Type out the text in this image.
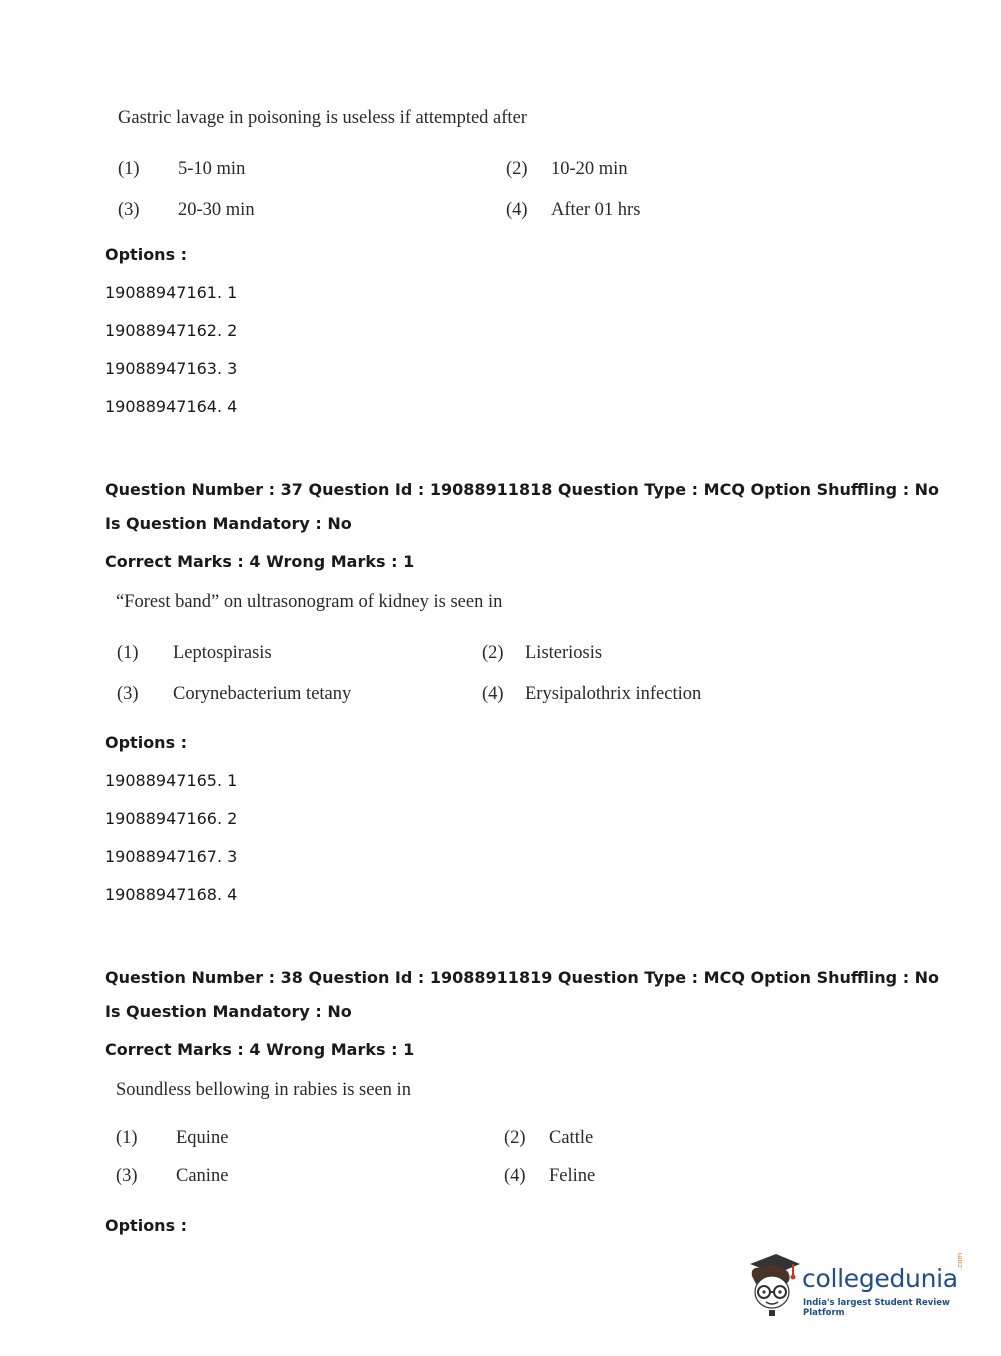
Gastric lavage in poisoning is useless if attempted after
(1) 5-10 min	(2) 10-20 min
(3) 20-30 min	(4) After 01 hrs
Options :
19088947161. 1
19088947162. 2
19088947163. 3
19088947164. 4
Question Number : 37 Question Id : 19088911818 Question Type : MCQ Option Shuffling : No
Is Question Mandatory : No
Correct Marks : 4 Wrong Marks : 1
“Forest band” on ultrasonogram of kidney is seen in
(1) Leptospirasis	(2) Listeriosis
(3) Corynebacterium tetany	(4) Erysipalothrix infection
Options :
19088947165. 1
19088947166. 2
19088947167. 3
19088947168. 4
Question Number : 38 Question Id : 19088911819 Question Type : MCQ Option Shuffling : No
Is Question Mandatory : No
Correct Marks : 4 Wrong Marks : 1
Soundless bellowing in rabies is seen in
(1) Equine	(2) Cattle
(3) Canine	(4) Feline
Options :
collegedunia
.com
India's largest Student Review Platform
